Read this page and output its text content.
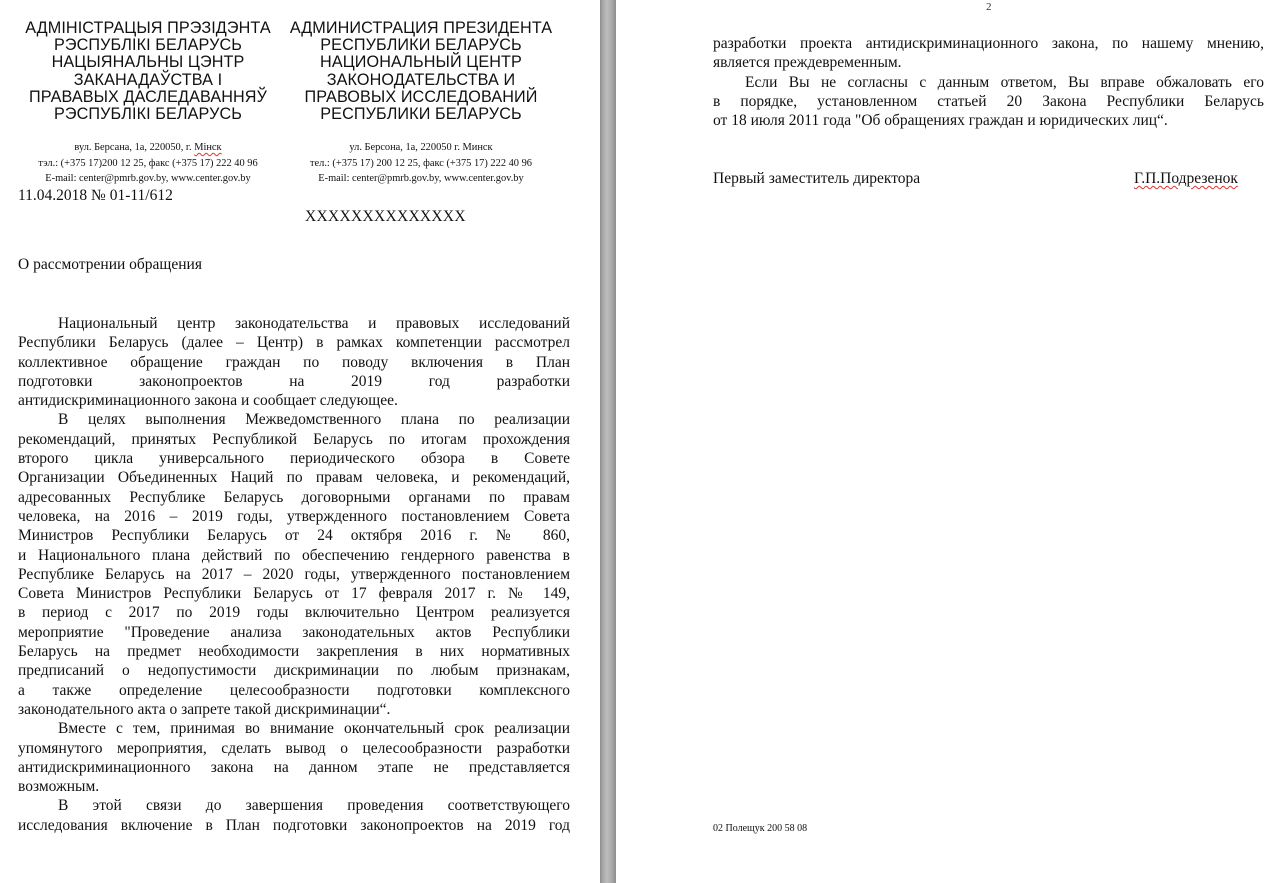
АДМІНІСТРАЦЫЯ ПРЭЗІДЭНТА
РЭСПУБЛІКІ БЕЛАРУСЬ
НАЦЫЯНАЛЬНЫ ЦЭНТР
ЗАКАНАДАЎСТВА І
ПРАВАВЫХ ДАСЛЕДАВАННЯЎ
РЭСПУБЛІКІ БЕЛАРУСЬ
вул. Берсана, 1а, 220050, г. Мінск
тэл.: (+375 17)200 12 25, факс (+375 17) 222 40 96
E-mail: center@pmrb.gov.by, www.center.gov.by
АДМИНИСТРАЦИЯ ПРЕЗИДЕНТА
РЕСПУБЛИКИ БЕЛАРУСЬ
НАЦИОНАЛЬНЫЙ ЦЕНТР
ЗАКОНОДАТЕЛЬСТВА И
ПРАВОВЫХ ИССЛЕДОВАНИЙ
РЕСПУБЛИКИ БЕЛАРУСЬ
ул. Берсона, 1а, 220050 г. Минск
тел.: (+375 17) 200 12 25, факс (+375 17) 222 40 96
E-mail: center@pmrb.gov.by, www.center.gov.by
11.04.2018 № 01-11/612
ХХХХХХХХХХХХХХ
О рассмотрении обращения

Национальный центр законодательства и правовых исследований
Республики Беларусь (далее – Центр) в рамках компетенции рассмотрел
коллективное обращение граждан по поводу включения в План
подготовки законопроектов на 2019 год разработки
антидискриминационного закона и сообщает следующее.

В целях выполнения Межведомственного плана по реализации
рекомендаций, принятых Республикой Беларусь по итогам прохождения
второго цикла универсального периодического обзора в Совете
Организации Объединенных Наций по правам человека, и рекомендаций,
адресованных Республике Беларусь договорными органами по правам
человека, на 2016 – 2019 годы, утвержденного постановлением Совета
Министров Республики Беларусь от 24 октября 2016 г. № 860,
и Национального плана действий по обеспечению гендерного равенства в
Республике Беларусь на 2017 – 2020 годы, утвержденного постановлением
Совета Министров Республики Беларусь от 17 февраля 2017 г. № 149,
в период с 2017 по 2019 годы включительно Центром реализуется
мероприятие "Проведение анализа законодательных актов Республики
Беларусь на предмет необходимости закрепления в них нормативных
предписаний о недопустимости дискриминации по любым признакам,
а также определение целесообразности подготовки комплексного
законодательного акта о запрете такой дискриминации“.

Вместе с тем, принимая во внимание окончательный срок реализации
упомянутого мероприятия, сделать вывод о целесообразности разработки
антидискриминационного закона на данном этапе не представляется
возможным.

В этой связи до завершения проведения соответствующего
исследования включение в План подготовки законопроектов на 2019 год

2
разработки проекта антидискриминационного закона, по нашему мнению,
является преждевременным.
Если Вы не согласны с данным ответом, Вы вправе обжаловать его
в порядке, установленном статьей 20 Закона Республики Беларусь
от 18 июля 2011 года "Об обращениях граждан и юридических лиц“.
Первый заместитель директора	Г.П.Подрезенок
02 Полещук 200 58 08
